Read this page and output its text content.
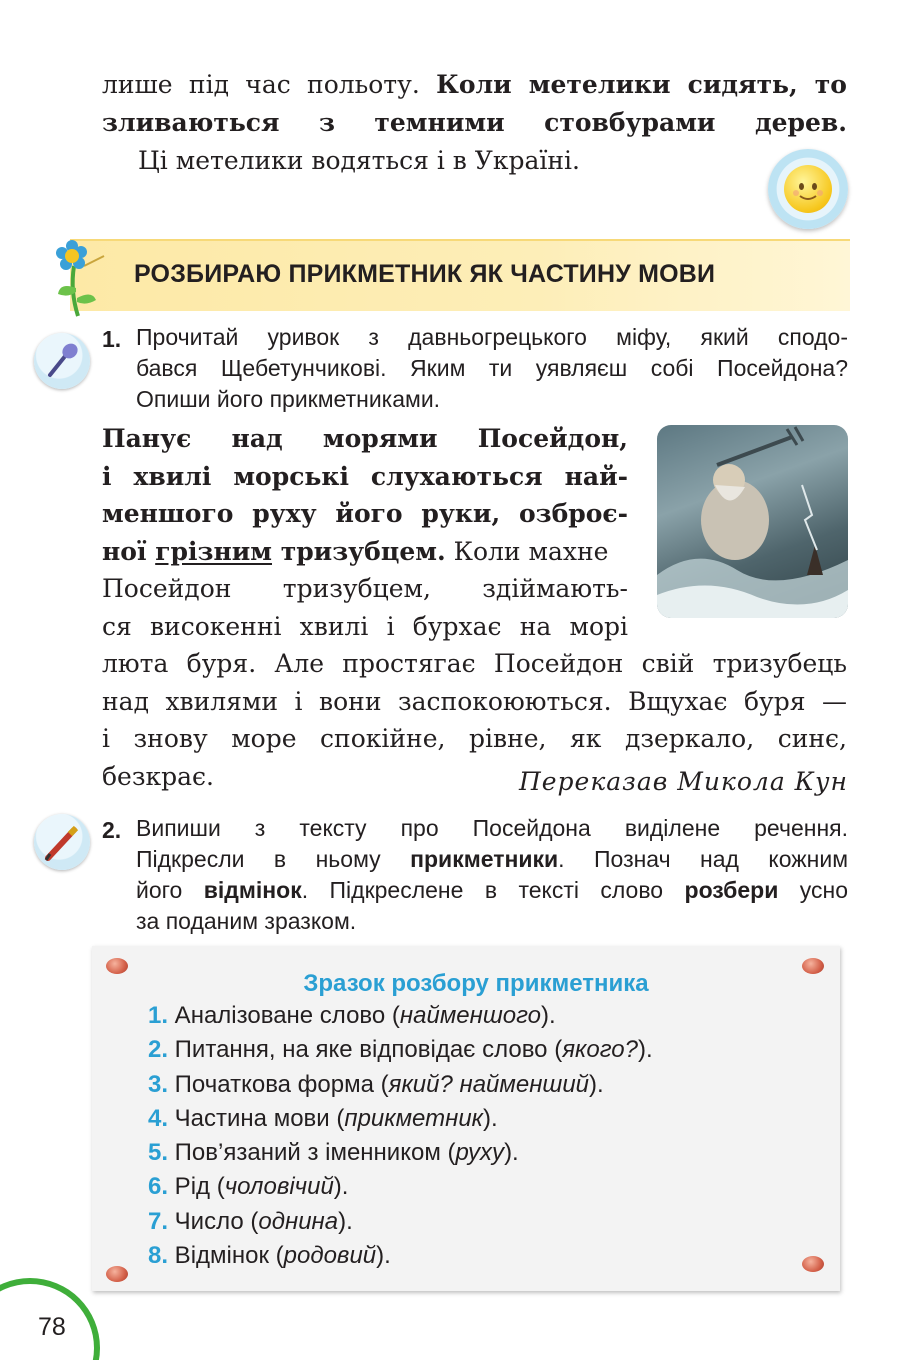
лише під час польоту. Коли метелики сидять, то
зливаються з темними стовбурами дерев.
Ці метелики водяться і в Україні.
РОЗБИРАЮ ПРИКМЕТНИК ЯК ЧАСТИНУ МОВИ
1. Прочитай уривок з давньогрецького міфу, який сподо-
бався Щебетунчикові. Яким ти уявляєш собі Посейдона?
Опиши його прикметниками.
Панує над морями Посейдон,
і хвилі морські слухаються най-
меншого руху його руки, озброє-
ної грізним тризубцем. Коли махне
Посейдон тризубцем, здіймають-
ся високенні хвилі і бурхає на морі
люта буря. Але простягає Посейдон свій тризубець
над хвилями і вони заспокоюються. Вщухає буря —
і знову море спокійне, рівне, як дзеркало, синє,
безкрає.	Переказав Микола Кун
2. Випиши з тексту про Посейдона виділене речення.
Підкресли в ньому прикметники. Познач над кожним
його відмінок. Підкреслене в тексті слово розбери усно
за поданим зразком.
Зразок розбору прикметника
1. Аналізоване слово (найменшого).
2. Питання, на яке відповідає слово (якого?).
3. Початкова форма (який? найменший).
4. Частина мови (прикметник).
5. Пов’язаний з іменником (руху).
6. Рід (чоловічий).
7. Число (однина).
8. Відмінок (родовий).
78
